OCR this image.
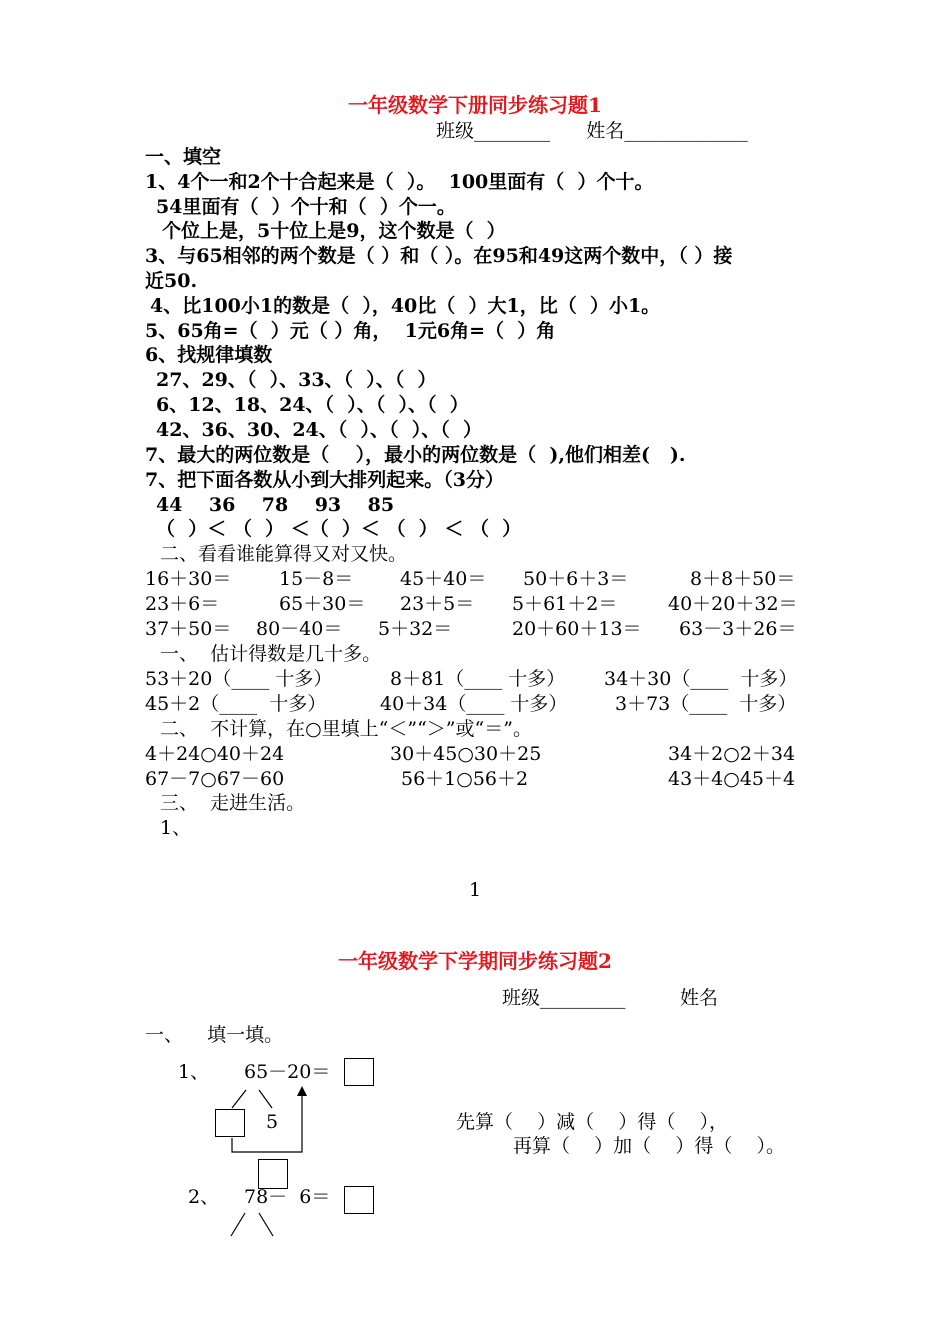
一年级数学下册同步练习题1
班级________      姓名_____________
一、填空
1、4个一和2个十合起来是（  ）。  100里面有（  ）个十。
54里面有（  ）个十和（  ）个一。
个位上是，5十位上是9，这个数是（  ）
3、与65相邻的两个数是（ ）和（ ）。在95和49这两个数中，（ ）接
近50.
4、比100小1的数是（  ），40比（  ）大1，比（  ）小1。
5、65角=（  ）元（ ）角，  1元6角=（  ）角
6、找规律填数
27、29、（  ）、33、（  ）、（  ）
6、12、18、24、（  ）、（  ）、（  ）
42、36、30、24、（  ）、（  ）、（  ）
7、最大的两位数是（    ），最小的两位数是（  ),他们相差(   ).
7、把下面各数从小到大排列起来。（3分）
44    36    78    93    85
（  ）＜ （  ） ＜（  ）＜ （  ） ＜ （  ）
二、看看谁能算得又对又快。
16＋30＝	15－8＝ 45＋40＝ 50＋6＋3＝	8＋8＋50＝
23＋6＝	65＋30＝ 23＋5＝ 5＋61＋2＝	40＋20＋32＝
37＋50＝ 80－40＝ 5＋32＝	20＋60＋13＝ 63－3＋26＝
一、  估计得数是几十多。
53＋20（____ 十多）	8＋81（____ 十多） 34＋30（____  十多）
45＋2（____  十多）	40＋34（____ 十多）	3＋73（____  十多）
二、  不计算，在○里填上“＜”“＞”或“＝”。
4＋24○40＋24	30＋45○30＋25	34＋2○2＋34
67－7○67－60	56＋1○56＋2	43＋4○45＋4
三、  走进生活。
1、
1
一年级数学下学期同步练习题2
班级_________	姓名
一、    填一填。
1、 65－20＝
5	先算（    ）减（    ）得（    ），
再算（    ）加（    ）得（    ）。
2、 78－  6＝
